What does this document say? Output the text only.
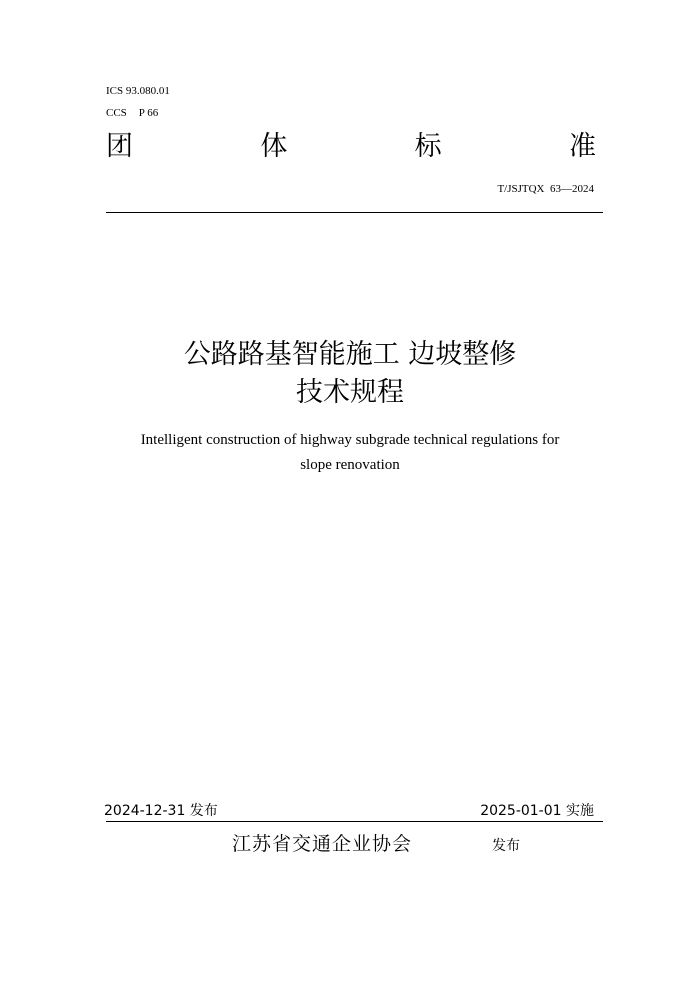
ICS 93.080.01
CCS P 66
团	体	标	准
T/JSJTQX  63—2024
公路路基智能施工 边坡整修
技术规程
Intelligent construction of highway subgrade technical regulations for
slope renovation
2024-12-31 发布	2025-01-01 实施
江苏省交通企业协会	发布
